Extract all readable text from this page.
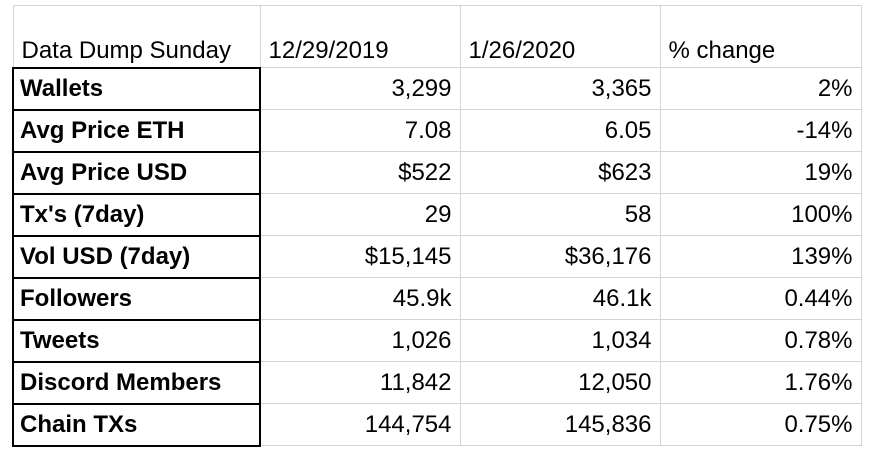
Data Dump Sunday	12/29/2019	1/26/2020	% change
Wallets	3,299	3,365	2%
Avg Price ETH	7.08	6.05	-14%
Avg Price USD	$522	$623	19%
Tx's (7day)	29	58	100%
Vol USD (7day)	$15,145	$36,176	139%
Followers	45.9k	46.1k	0.44%
Tweets	1,026	1,034	0.78%
Discord Members	11,842	12,050	1.76%
Chain TXs	144,754	145,836	0.75%
